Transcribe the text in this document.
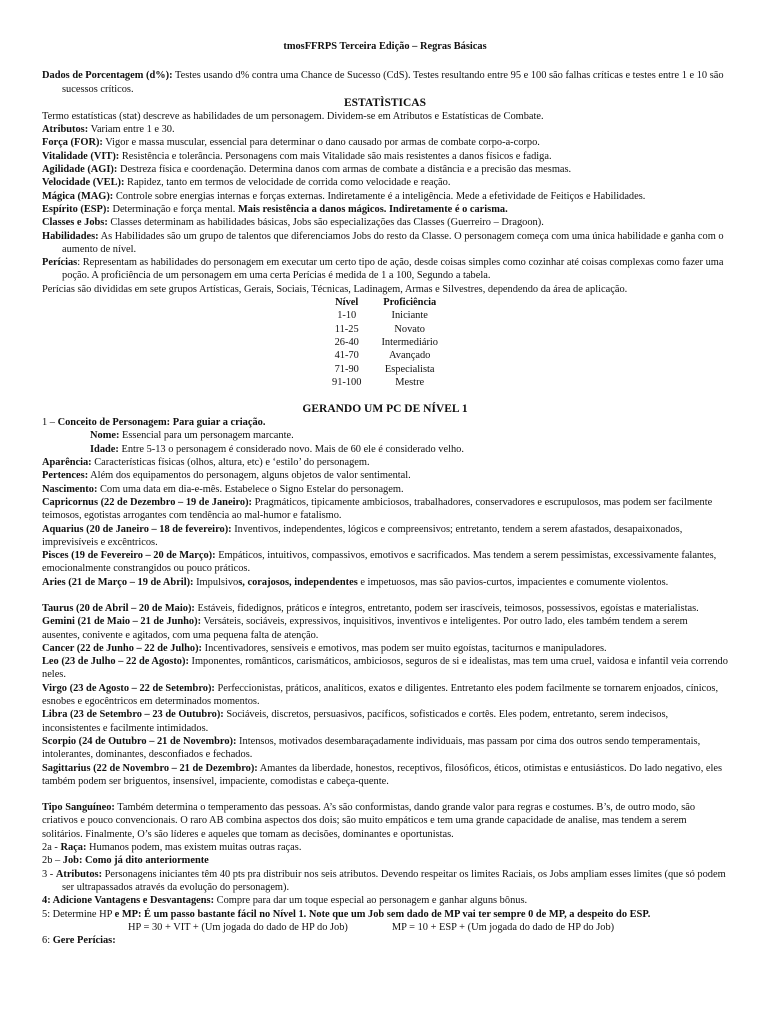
tmosFFRPS Terceira Edição – Regras Básicas

Dados de Porcentagem (d%): Testes usando d% contra uma Chance de Sucesso (CdS). Testes resultando entre 95 e 100 são falhas críticas e testes entre 1 e 10 são sucessos críticos.

ESTATÌSTICAS

Termo estatísticas (stat) descreve as habilidades de um personagem. Dividem-se em Atributos e Estatísticas de Combate.

Atributos: Variam entre 1 e 30.

Força (FOR): Vigor e massa muscular, essencial para determinar o dano causado por armas de combate corpo-a-corpo.

Vitalidade (VIT): Resistência e tolerância. Personagens com mais Vitalidade são mais resistentes a danos físicos e fadiga.

Agilidade (AGI): Destreza física e coordenação. Determina danos com armas de combate a distância e a precisão das mesmas.

Velocidade (VEL): Rapidez, tanto em termos de velocidade de corrida como velocidade e reação.

Mágica (MAG): Controle sobre energias internas e forças externas. Indiretamente é a inteligência. Mede a efetividade de Feitiços e Habilidades.

Espírito (ESP): Determinação e força mental. Mais resistência a danos mágicos. Indiretamente é o carisma.

Classes e Jobs: Classes determinam as habilidades básicas, Jobs são especializações das Classes (Guerreiro – Dragoon).

Habilidades: As Habilidades são um grupo de talentos que diferenciamos Jobs do resto da Classe. O personagem começa com uma única habilidade e ganha com o aumento de nível.

Perícias: Representam as habilidades do personagem em executar um certo tipo de ação, desde coisas simples como cozinhar até coisas complexas como fazer uma poção. A proficiência de um personagem em uma certa Perícias é medida de 1 a 100, Segundo a tabela.

Perícias são divididas em sete grupos Artísticas, Gerais, Sociais, Técnicas, Ladinagem, Armas e Silvestres, dependendo da área de aplicação.

Nível	Proficiência
1-10	Iniciante
11-25	Novato
26-40	Intermediário
41-70	Avançado
71-90	Especialista
91-100	Mestre
GERANDO UM PC DE NÍVEL 1

1 – Conceito de Personagem: Para guiar a criação.

Nome: Essencial para um personagem marcante.

Idade: Entre 5-13 o personagem é considerado novo. Mais de 60 ele é considerado velho.

Aparência: Características físicas (olhos, altura, etc) e ‘estilo’ do personagem.

Pertences: Além dos equipamentos do personagem, alguns objetos de valor sentimental.

Nascimento: Com uma data em dia-e-mês. Estabelece o Signo Estelar do personagem.

Capricornus (22 de Dezembro – 19 de Janeiro): Pragmáticos, tipicamente ambiciosos, trabalhadores, conservadores e escrupulosos, mas podem ser facilmente teimosos, egotistas arrogantes com tendência ao mal-humor e fatalismo.

Aquarius (20 de Janeiro – 18 de fevereiro): Inventivos, independentes, lógicos e compreensivos; entretanto, tendem a serem afastados, desapaixonados, imprevisíveis e excêntricos.

Pisces (19 de Fevereiro – 20 de Março): Empáticos, intuitivos, compassivos, emotivos e sacrificados. Mas tendem a serem pessimistas, excessivamente falantes, emocionalmente constrangidos ou pouco práticos.

Aries (21 de Março – 19 de Abril): Impulsivos, corajosos, independentes e impetuosos, mas são pavios-curtos, impacientes e comumente violentos.

Taurus (20 de Abril – 20 de Maio): Estáveis, fidedignos, práticos e íntegros, entretanto, podem ser irascíveis, teimosos, possessivos, egoístas e materialistas.

Gemini (21 de Maio – 21 de Junho): Versáteis, sociáveis, expressivos, inquisitivos, inventivos e inteligentes. Por outro lado, eles também tendem a serem ausentes, conivente e agitados, com uma pequena falta de atenção.

Cancer (22 de Junho – 22 de Julho): Incentivadores, sensíveis e emotivos, mas podem ser muito egoístas, taciturnos e manipuladores.

Leo (23 de Julho – 22 de Agosto): Imponentes, românticos, carismáticos, ambiciosos, seguros de si e idealistas, mas tem uma cruel, vaidosa e infantil veia correndo neles.

Virgo (23 de Agosto – 22 de Setembro): Perfeccionistas, práticos, analíticos, exatos e diligentes. Entretanto eles podem facilmente se tornarem enjoados, cínicos, esnobes e egocêntricos em determinados momentos.

Libra (23 de Setembro – 23 de Outubro): Sociáveis, discretos, persuasivos, pacíficos, sofisticados e cortês. Eles podem, entretanto, serem indecisos, inconsistentes e facilmente intimidados.

Scorpio (24 de Outubro – 21 de Novembro): Intensos, motivados desembaraçadamente individuais, mas passam por cima dos outros sendo temperamentais, intolerantes, dominantes, desconfiados e fechados.

Sagittarius (22 de Novembro – 21 de Dezembro): Amantes da liberdade, honestos, receptivos, filosóficos, éticos, otimistas e entusiásticos. Do lado negativo, eles também podem ser briguentos, insensível, impaciente, comodistas e cabeça-quente.

Tipo Sanguíneo: Também determina o temperamento das pessoas. A’s são conformistas, dando grande valor para regras e costumes. B’s, de outro modo, são criativos e pouco convencionais. O raro AB combina aspectos dos dois; são muito empáticos e tem uma grande capacidade de analise, mas tendem a serem solitários. Finalmente, O’s são líderes e aqueles que tomam as decisões, dominantes e oportunistas.

2a - Raça: Humanos podem, mas existem muitas outras raças.

2b – Job: Como já dito anteriormente

3 - Atributos: Personagens iniciantes têm 40 pts pra distribuir nos seis atributos. Devendo respeitar os limites Raciais, os Jobs ampliam esses limites (que só podem ser ultrapassados através da evolução do personagem).

4: Adicione Vantagens e Desvantagens: Compre para dar um toque especial ao personagem e ganhar alguns bônus.

5: Determine HP e MP: É um passo bastante fácil no Nível 1. Note que um Job sem dado de MP vai ter sempre 0 de MP, a despeito do ESP.

HP = 30 + VIT + (Um jogada do dado de HP do Job)	MP = 10 + ESP + (Um jogada do dado de HP do Job)

6: Gere Perícias:
